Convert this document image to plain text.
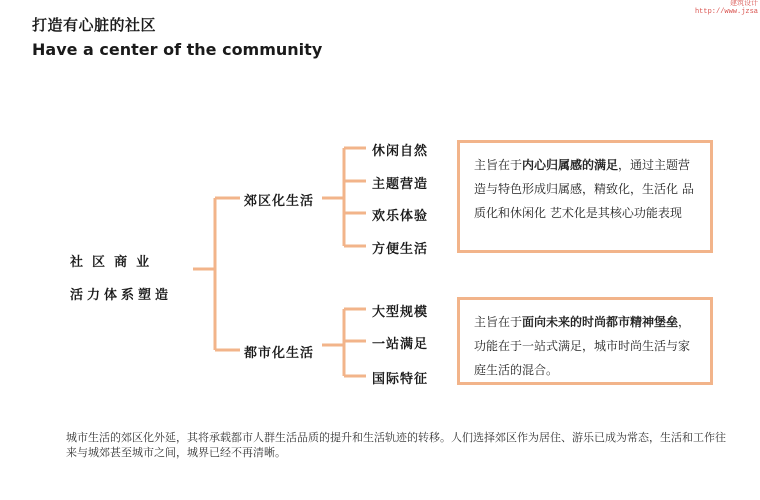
建筑设计
http://www.jzsa
打造有心脏的社区
Have a center of the community
社  区  商  业
活力体系塑造
郊区化生活
都市化生活
休闲自然
主题营造
欢乐体验
方便生活
大型规模
一站满足
国际特征
主旨在于内心归属感的满足，通过主题营造与特色形成归属感，精致化，生活化 品质化和休闲化 艺术化是其核心功能表现
主旨在于面向未来的时尚都市精神堡垒，功能在于一站式满足，城市时尚生活与家庭生活的混合。
城市生活的郊区化外延，其将承载都市人群生活品质的提升和生活轨迹的转移。人们选择郊区作为居住、游乐已成为常态，生活和工作往来与城郊甚至城市之间，城界已经不再清晰。
